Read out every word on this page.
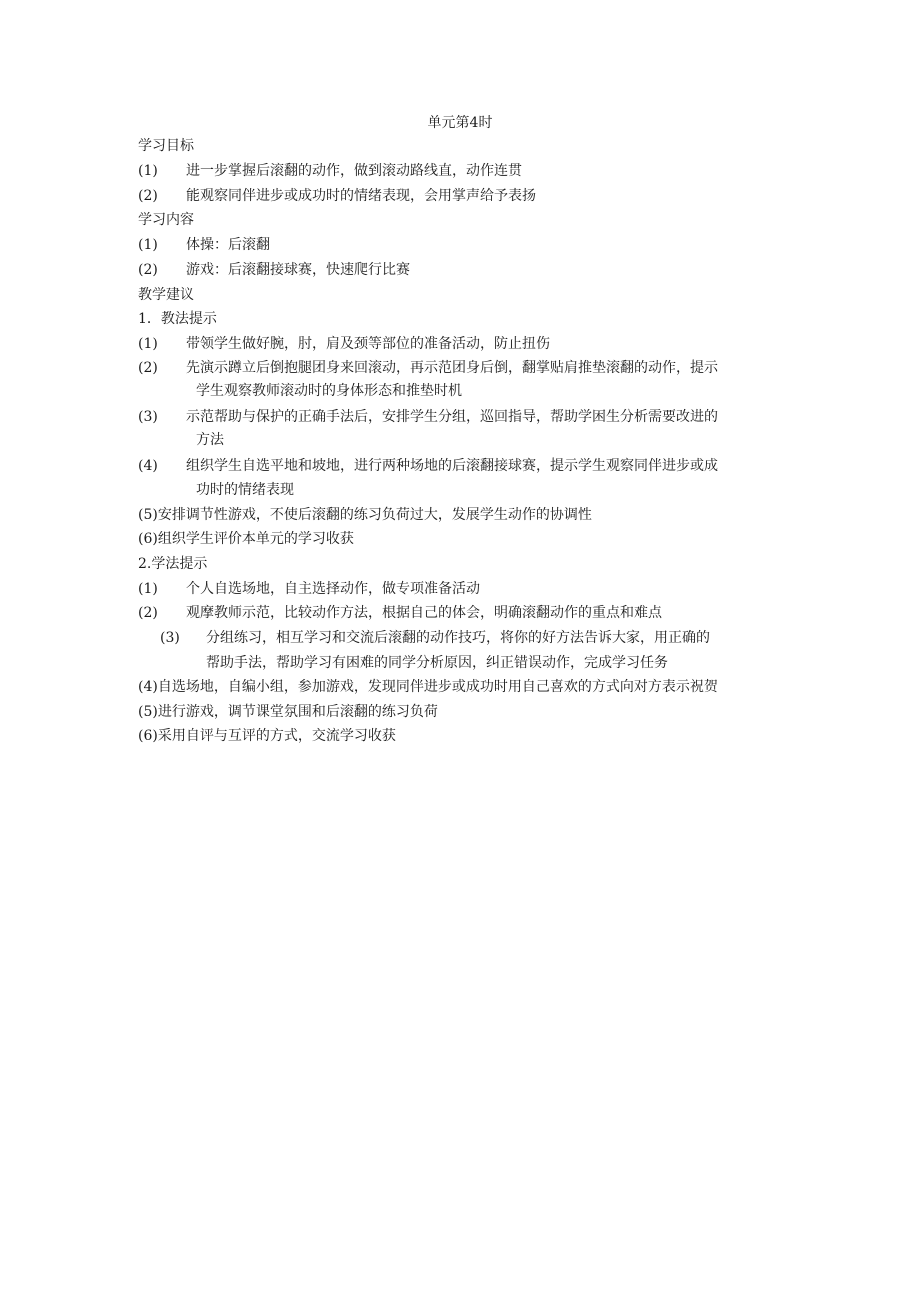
单元第4时
学习目标
(1) 进一步掌握后滚翻的动作，做到滚动路线直，动作连贯
(2) 能观察同伴进步或成功时的情绪表现，会用掌声给予表扬
学习内容
(1) 体操：后滚翻
(2) 游戏：后滚翻接球赛，快速爬行比赛
教学建议
1．教法提示
(1) 带领学生做好腕，肘，肩及颈等部位的准备活动，防止扭伤
(2) 先演示蹲立后倒抱腿团身来回滚动，再示范团身后倒，翻掌贴肩推垫滚翻的动作，提示
学生观察教师滚动时的身体形态和推垫时机
(3) 示范帮助与保护的正确手法后，安排学生分组，巡回指导，帮助学困生分析需要改进的
方法
(4) 组织学生自选平地和坡地，进行两种场地的后滚翻接球赛，提示学生观察同伴进步或成
功时的情绪表现
(5)安排调节性游戏，不使后滚翻的练习负荷过大，发展学生动作的协调性
(6)组织学生评价本单元的学习收获
2.学法提示
(1) 个人自选场地，自主选择动作，做专项准备活动
(2) 观摩教师示范，比较动作方法，根据自己的体会，明确滚翻动作的重点和难点
(3) 分组练习，相互学习和交流后滚翻的动作技巧，将你的好方法告诉大家，用正确的
帮助手法，帮助学习有困难的同学分析原因，纠正错误动作，完成学习任务
(4)自选场地，自编小组，参加游戏，发现同伴进步或成功时用自己喜欢的方式向对方表示祝贺
(5)进行游戏，调节课堂氛围和后滚翻的练习负荷
(6)采用自评与互评的方式，交流学习收获
